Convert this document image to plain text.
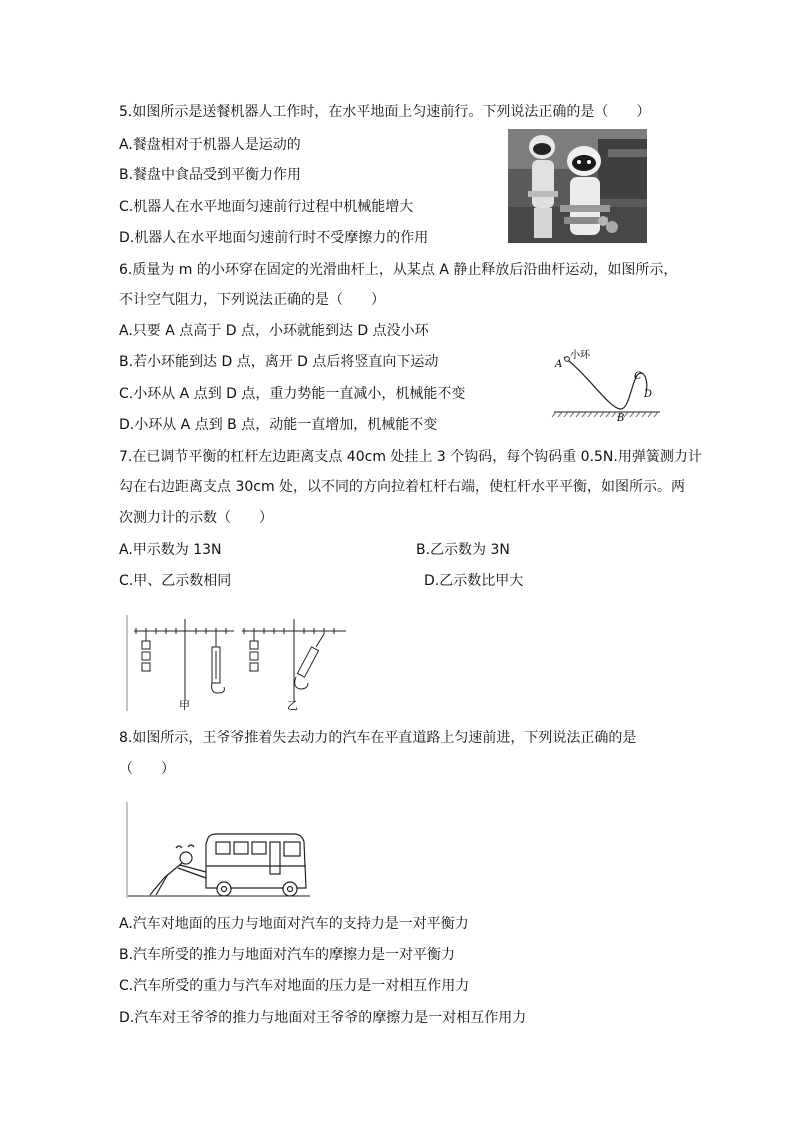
5.如图所示是送餐机器人工作时，在水平地面上匀速前行。下列说法正确的是（　　）
A.餐盘相对于机器人是运动的
B.餐盘中食品受到平衡力作用
C.机器人在水平地面匀速前行过程中机械能增大
D.机器人在水平地面匀速前行时不受摩擦力的作用
6.质量为 m 的小环穿在固定的光滑曲杆上，从某点 A 静止释放后沿曲杆运动，如图所示，
不计空气阻力，下列说法正确的是（　　）
A.只要 A 点高于 D 点，小环就能到达 D 点没小环
B.若小环能到达 D 点，离开 D 点后将竖直向下运动
C.小环从 A 点到 D 点，重力势能一直减小，机械能不变
D.小环从 A 点到 B 点，动能一直增加，机械能不变
小环
A
B
C
D
7.在已调节平衡的杠杆左边距离支点 40cm 处挂上 3 个钩码，每个钩码重 0.5N.用弹簧测力计
勾在右边距离支点 30cm 处，以不同的方向拉着杠杆右端，使杠杆水平平衡，如图所示。两
次测力计的示数（　　）
A.甲示数为 13N	B.乙示数为 3N
C.甲、乙示数相同	D.乙示数比甲大
甲	乙
8.如图所示，王爷爷推着失去动力的汽车在平直道路上匀速前进，下列说法正确的是
（　　）
A.汽车对地面的压力与地面对汽车的支持力是一对平衡力
B.汽车所受的推力与地面对汽车的摩擦力是一对平衡力
C.汽车所受的重力与汽车对地面的压力是一对相互作用力
D.汽车对王爷爷的推力与地面对王爷爷的摩擦力是一对相互作用力
